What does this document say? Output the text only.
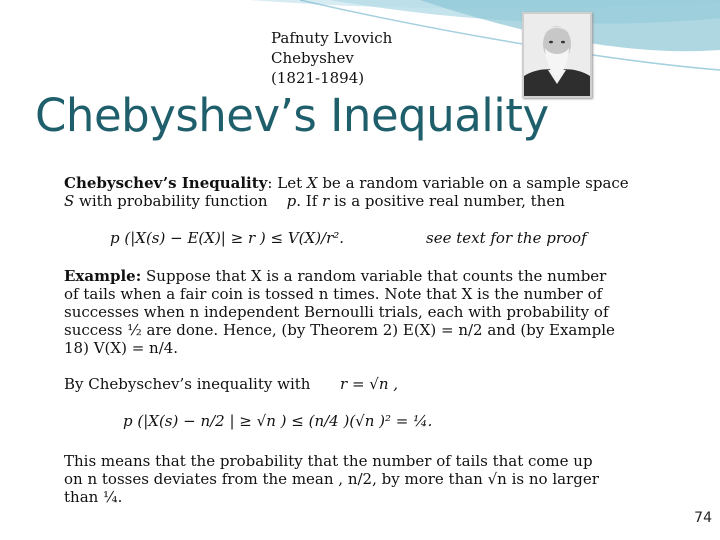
Pafnuty Lvovich
Chebyshev
(1821-1894)
Chebyshev’s Inequality
Chebyschev’s Inequality: Let X be a random variable on a sample space
S with probability function p. If r is a positive real number, then
p (|X(s) − E(X)| ≥ r ) ≤ V(X)/r².	see text for the proof
Example: Suppose that X is a random variable that counts the number
of tails when a fair coin is tossed n times. Note that X is the number of
successes when n independent Bernoulli trials, each with probability of
success ½ are done. Hence, (by Theorem 2) E(X) = n/2 and (by Example
18) V(X) = n/4.
By Chebyschev’s inequality with r = √n ,
p (|X(s) − n/2 | ≥ √n ) ≤ (n/4 )(√n )² = ¼.
This means that the probability that the number of tails that come up
on n tosses deviates from the mean , n/2, by more than √n is no larger
than ¼.
74
